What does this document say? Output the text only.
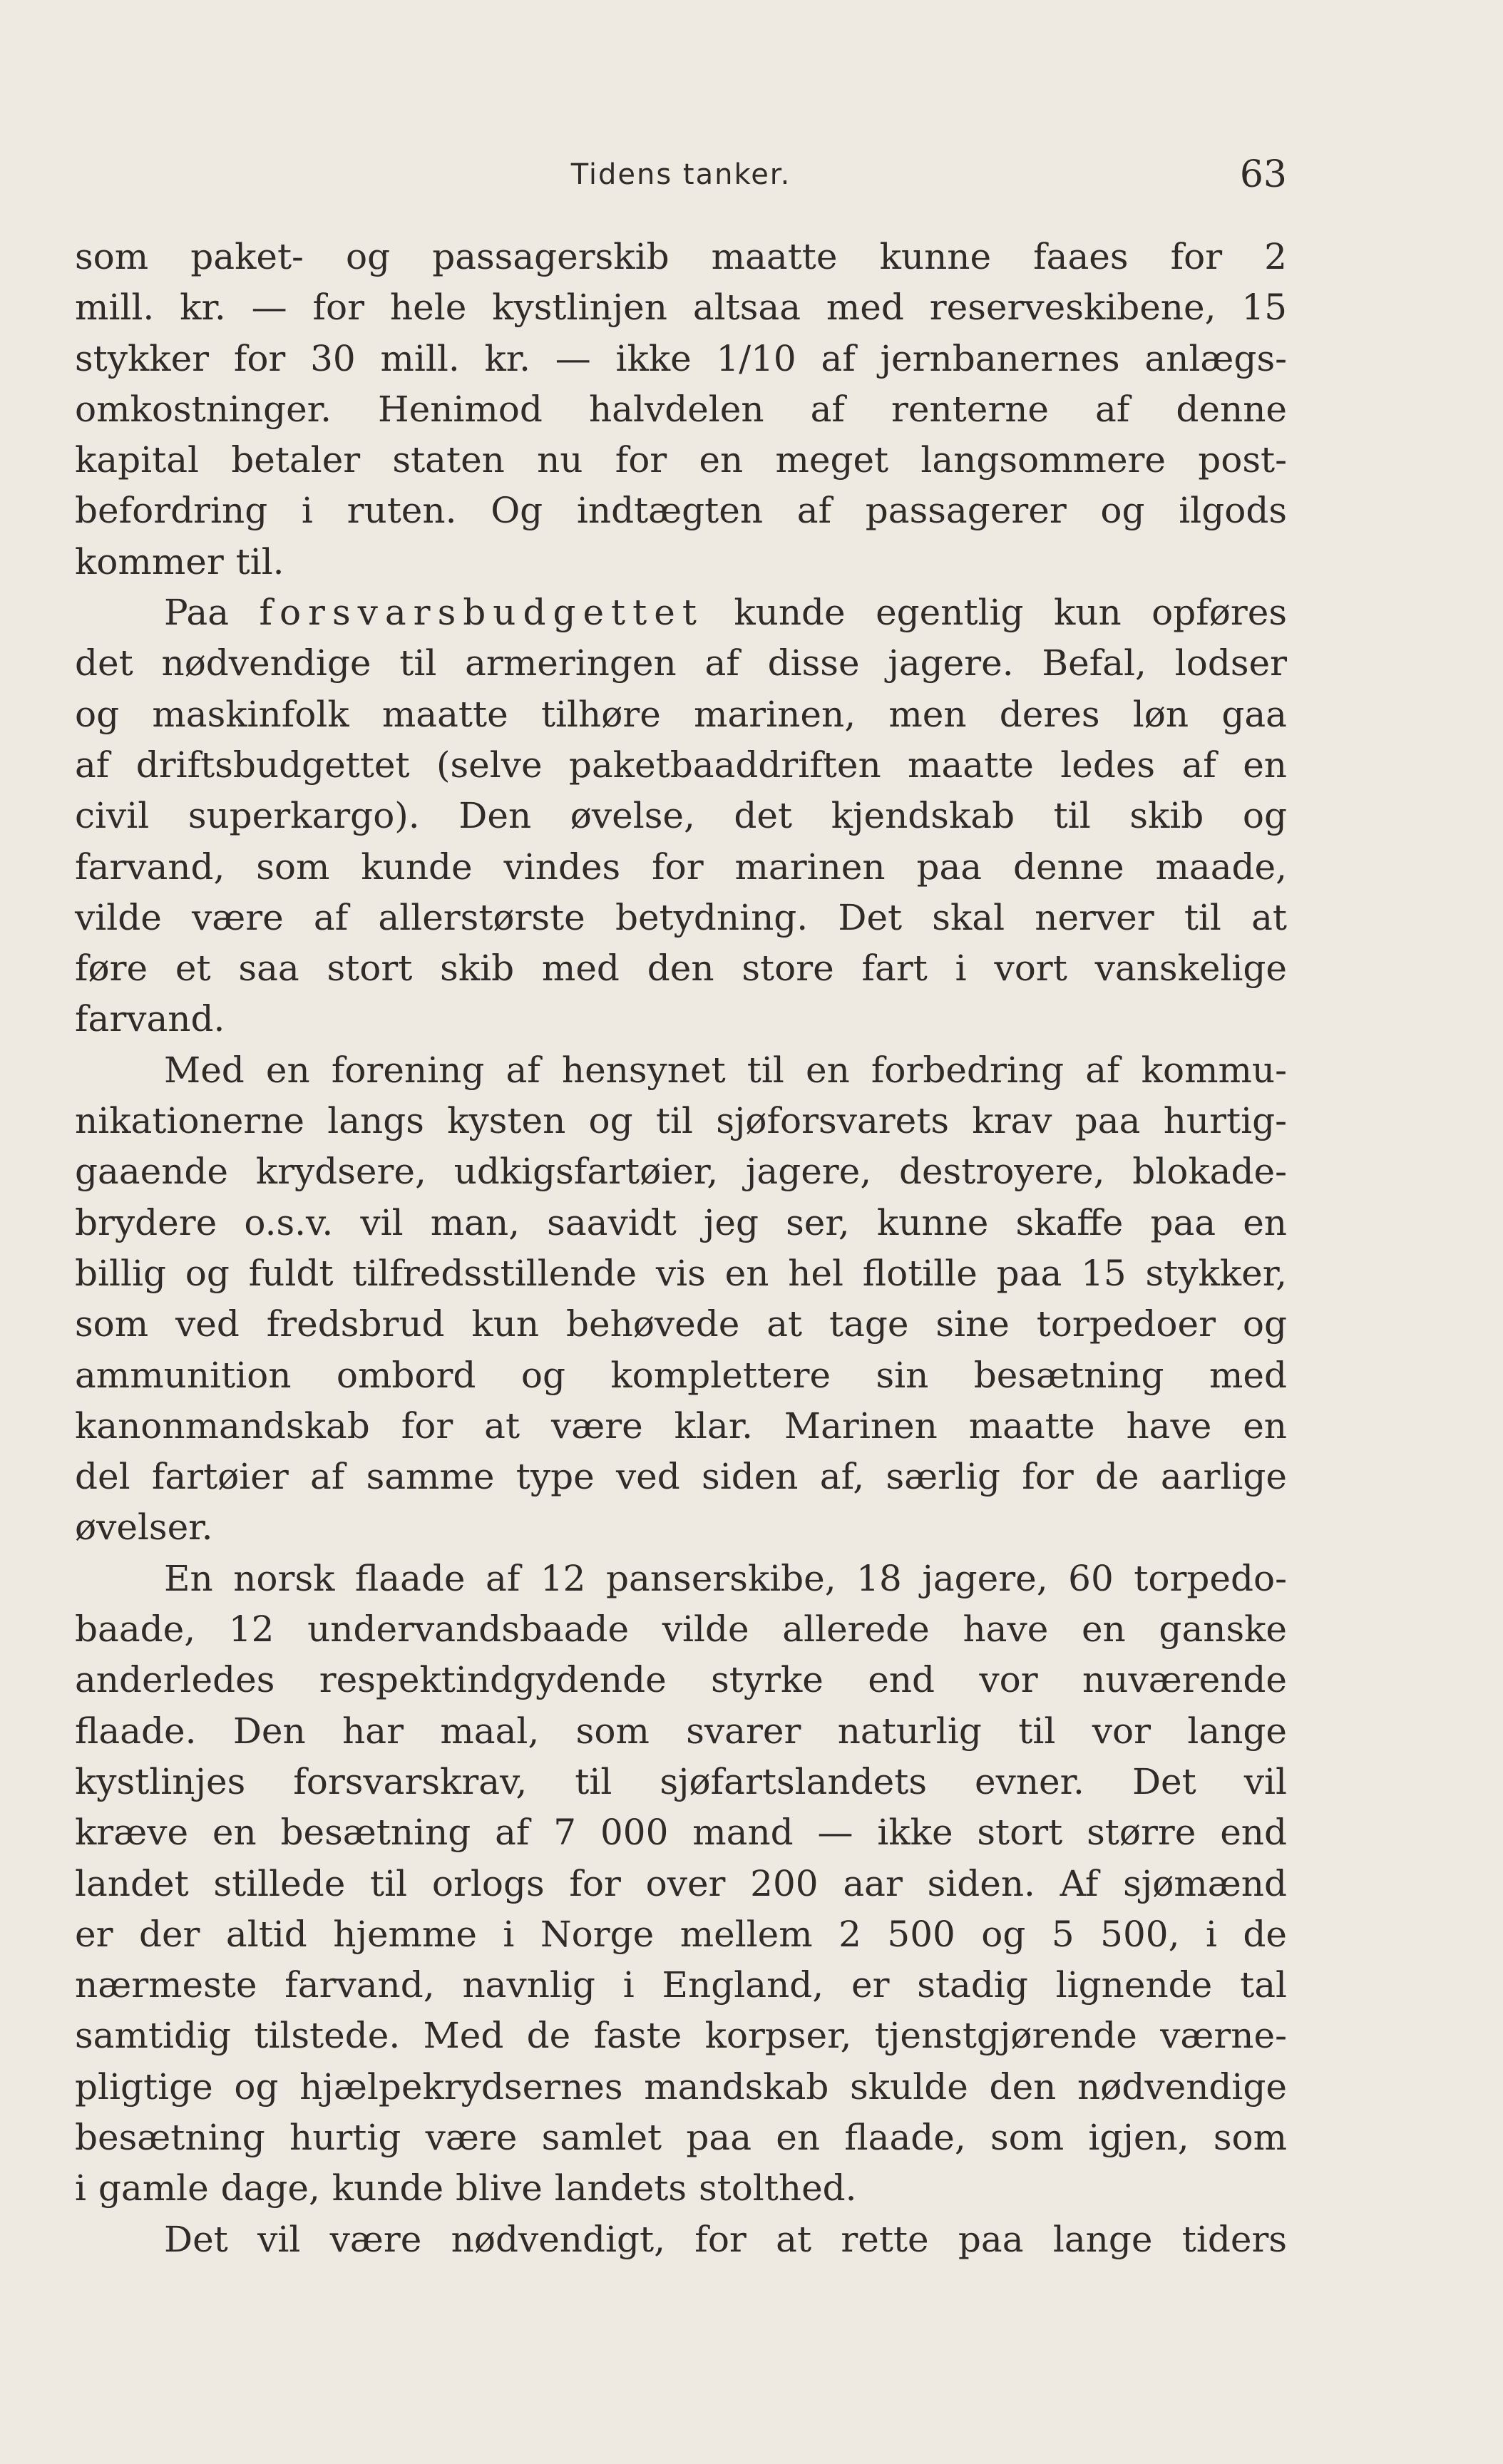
Tidens tanker.	63

som paket- og passagerskib maatte kunne faaes for 2

mill. kr. — for hele kystlinjen altsaa med reserveskibene, 15

stykker for 30 mill. kr. — ikke 1/10 af jernbanernes anlægs-

omkostninger. Henimod halvdelen af renterne af denne

kapital betaler staten nu for en meget langsommere post-

befordring i ruten. Og indtægten af passagerer og ilgods

kommer til.

Paa forsvarsbudgettet kunde egentlig kun opføres

det nødvendige til armeringen af disse jagere. Befal, lodser

og maskinfolk maatte tilhøre marinen, men deres løn gaa

af driftsbudgettet (selve paketbaaddriften maatte ledes af en

civil superkargo). Den øvelse, det kjendskab til skib og

farvand, som kunde vindes for marinen paa denne maade,

vilde være af allerstørste betydning. Det skal nerver til at

føre et saa stort skib med den store fart i vort vanskelige

farvand.

Med en forening af hensynet til en forbedring af kommu-

nikationerne langs kysten og til sjøforsvarets krav paa hurtig-

gaaende krydsere, udkigsfartøier, jagere, destroyere, blokade-

brydere o.s.v. vil man, saavidt jeg ser, kunne skaffe paa en

billig og fuldt tilfredsstillende vis en hel flotille paa 15 stykker,

som ved fredsbrud kun behøvede at tage sine torpedoer og

ammunition ombord og komplettere sin besætning med

kanonmandskab for at være klar. Marinen maatte have en

del fartøier af samme type ved siden af, særlig for de aarlige

øvelser.

En norsk flaade af 12 panserskibe, 18 jagere, 60 torpedo-

baade, 12 undervandsbaade vilde allerede have en ganske

anderledes respektindgydende styrke end vor nuværende

flaade. Den har maal, som svarer naturlig til vor lange

kystlinjes forsvarskrav, til sjøfartslandets evner. Det vil

kræve en besætning af 7 000 mand — ikke stort større end

landet stillede til orlogs for over 200 aar siden. Af sjømænd

er der altid hjemme i Norge mellem 2 500 og 5 500, i de

nærmeste farvand, navnlig i England, er stadig lignende tal

samtidig tilstede. Med de faste korpser, tjenstgjørende værne-

pligtige og hjælpekrydsernes mandskab skulde den nødvendige

besætning hurtig være samlet paa en flaade, som igjen, som

i gamle dage, kunde blive landets stolthed.

Det vil være nødvendigt, for at rette paa lange tiders
